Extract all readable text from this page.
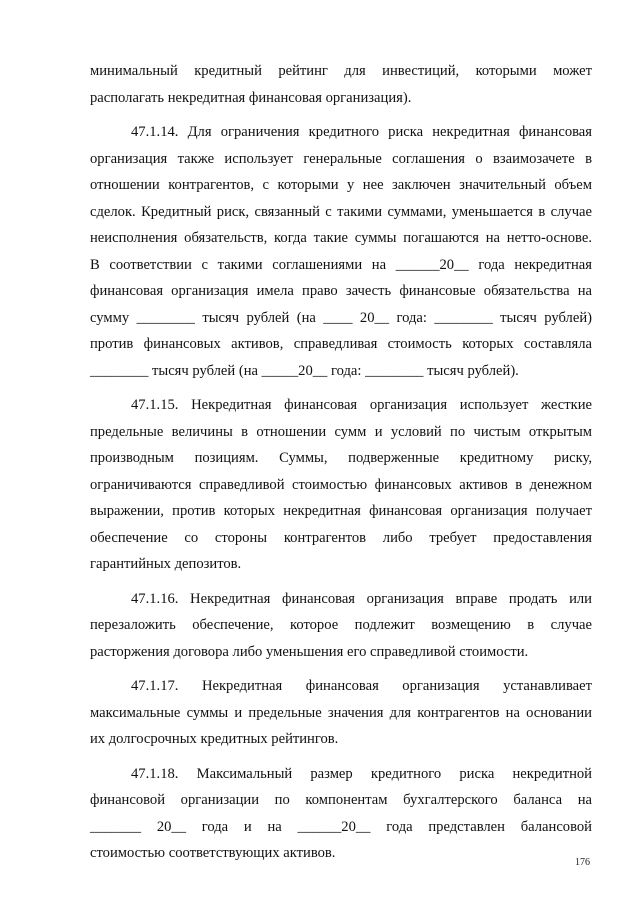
минимальный кредитный рейтинг для инвестиций, которыми может
располагать некредитная финансовая организация).
47.1.14. Для ограничения кредитного риска некредитная финансовая
организация также использует генеральные соглашения о взаимозачете в
отношении контрагентов, с которыми у нее заключен значительный объем
сделок. Кредитный риск, связанный с такими суммами, уменьшается в случае
неисполнения обязательств, когда такие суммы погашаются на нетто-основе.
В соответствии с такими соглашениями на ______20__ года некредитная
финансовая организация имела право зачесть финансовые обязательства на
сумму ________ тысяч рублей (на ____ 20__ года: ________ тысяч рублей)
против финансовых активов, справедливая стоимость которых составляла
________ тысяч рублей (на _____20__ года: ________ тысяч рублей).
47.1.15. Некредитная финансовая организация использует жесткие
предельные величины в отношении сумм и условий по чистым открытым
производным позициям. Суммы, подверженные кредитному риску,
ограничиваются справедливой стоимостью финансовых активов в денежном
выражении, против которых некредитная финансовая организация получает
обеспечение со стороны контрагентов либо требует предоставления
гарантийных депозитов.
47.1.16. Некредитная финансовая организация вправе продать или
перезаложить обеспечение, которое подлежит возмещению в случае
расторжения договора либо уменьшения его справедливой стоимости.
47.1.17. Некредитная финансовая организация устанавливает
максимальные суммы и предельные значения для контрагентов на основании
их долгосрочных кредитных рейтингов.
47.1.18. Максимальный размер кредитного риска некредитной
финансовой организации по компонентам бухгалтерского баланса на
_______ 20__ года и на ______20__ года представлен балансовой
стоимостью соответствующих активов.
176
